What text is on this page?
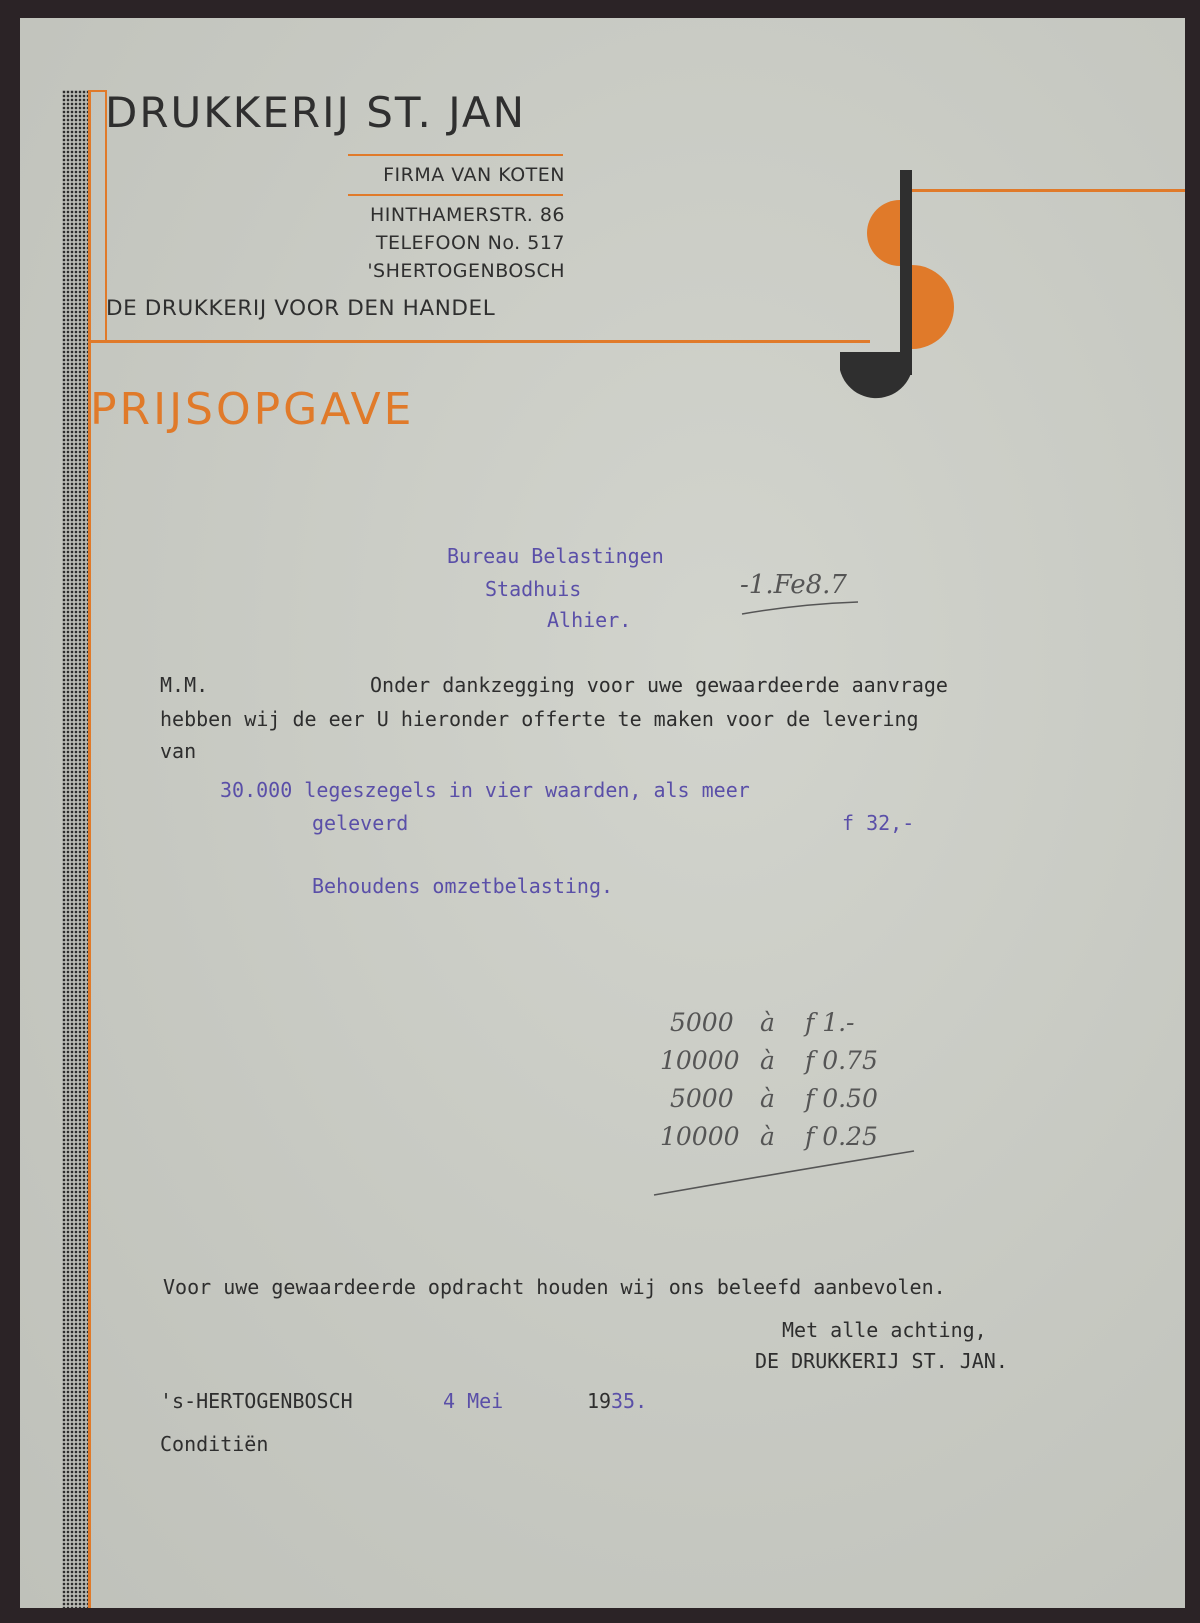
DRUKKERIJ ST. JAN
FIRMA VAN KOTEN
HINTHAMERSTR. 86
TELEFOON No. 517
'SHERTOGENBOSCH
DE DRUKKERIJ VOOR DEN HANDEL
PRIJSOPGAVE
Bureau Belastingen
Stadhuis
Alhier.
-1.Fe8.7
M.M.	Onder dankzegging voor uwe gewaardeerde aanvrage
hebben wij de eer U hieronder offerte te maken voor de levering
van
30.000 legeszegels in vier waarden, als meer
geleverd	f 32,-
Behoudens omzetbelasting.
5000 à f 1.-
10000 à f 0.75
5000 à f 0.50
10000 à f 0.25
Voor uwe gewaardeerde opdracht houden wij ons beleefd aanbevolen.
Met alle achting,
DE DRUKKERIJ ST. JAN.
's-HERTOGENBOSCH	4 Mei	19 35.
Conditiën
